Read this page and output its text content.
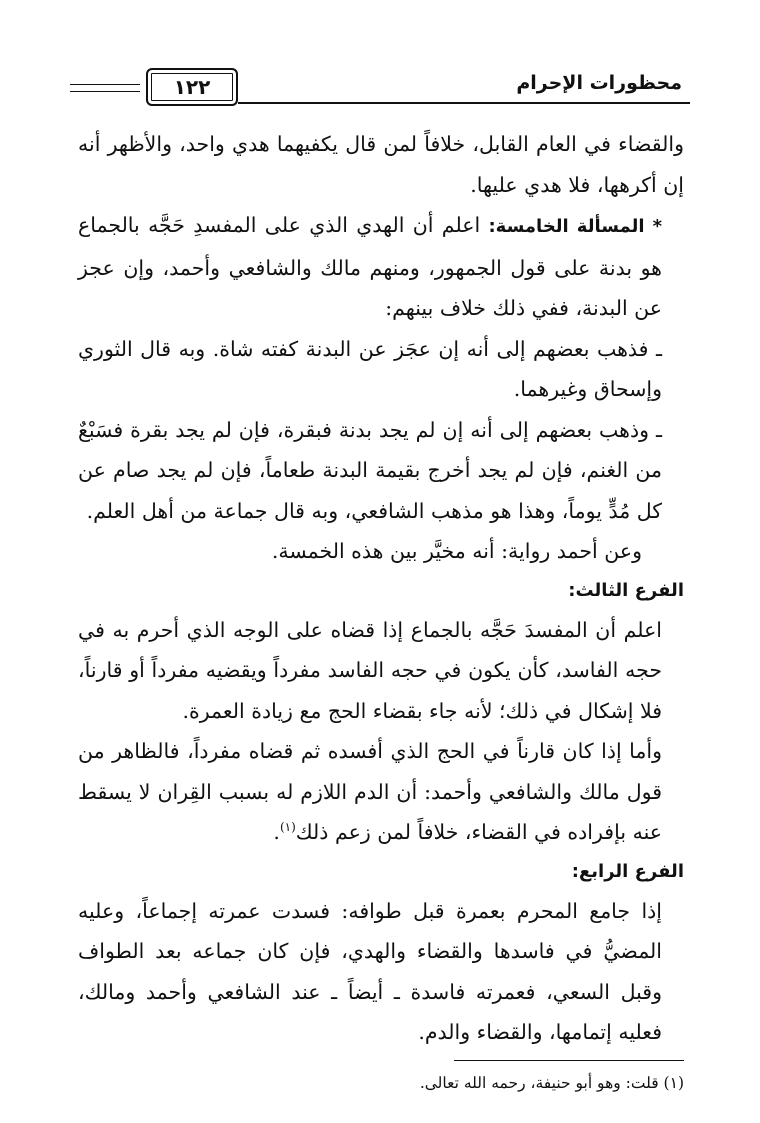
محظورات الإحرام
١٢٢

والقضاء في العام القابل، خلافاً لمن قال يكفيهما هدي واحد، والأظهر أنه إن أكرهها، فلا هدي عليها.

* المسألة الخامسة: اعلم أن الهدي الذي على المفسدِ حَجَّه بالجماع هو بدنة على قول الجمهور، ومنهم مالك والشافعي وأحمد، وإن عجز عن البدنة، ففي ذلك خلاف بينهم:

ـ فذهب بعضهم إلى أنه إن عجَز عن البدنة كفته شاة. وبه قال الثوري وإسحاق وغيرهما.

ـ وذهب بعضهم إلى أنه إن لم يجد بدنة فبقرة، فإن لم يجد بقرة فسَبْعٌ من الغنم، فإن لم يجد أخرج بقيمة البدنة طعاماً، فإن لم يجد صام عن كل مُدٍّ يوماً، وهذا هو مذهب الشافعي، وبه قال جماعة من أهل العلم.

وعن أحمد رواية: أنه مخيَّر بين هذه الخمسة.

الفرع الثالث:

اعلم أن المفسدَ حَجَّه بالجماع إذا قضاه على الوجه الذي أحرم به في حجه الفاسد، كأن يكون في حجه الفاسد مفرداً ويقضيه مفرداً أو قارناً، فلا إشكال في ذلك؛ لأنه جاء بقضاء الحج مع زيادة العمرة.

وأما إذا كان قارناً في الحج الذي أفسده ثم قضاه مفرداً، فالظاهر من قول مالك والشافعي وأحمد: أن الدم اللازم له بسبب القِران لا يسقط عنه بإفراده في القضاء، خلافاً لمن زعم ذلك$^{(١)}$.

الفرع الرابع:

إذا جامع المحرم بعمرة قبل طوافه: فسدت عمرته إجماعاً، وعليه المضيُّ في فاسدها والقضاء والهدي، فإن كان جماعه بعد الطواف وقبل السعي، فعمرته فاسدة ـ أيضاً ـ عند الشافعي وأحمد ومالك، فعليه إتمامها، والقضاء والدم.

(١) قلت: وهو أبو حنيفة، رحمه الله تعالى.
